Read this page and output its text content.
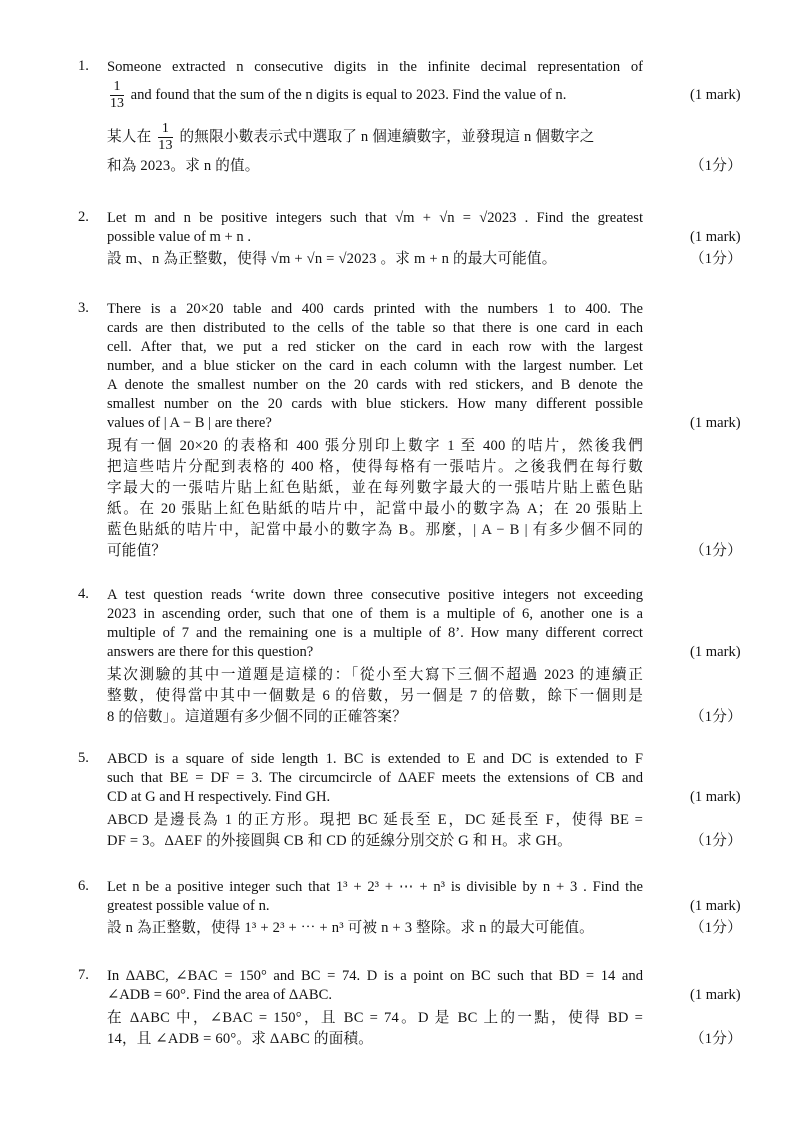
1.	Someone extracted n consecutive digits in the infinite decimal representation of
$\frac{1}{13}$ and found that the sum of the n digits is equal to 2023. Find the value of n.	(1 mark)
某人在 $\frac{1}{13}$ 的無限小數表示式中選取了 n 個連續數字，並發現這 n 個數字之
和為 2023。求 n 的值。	（1分）
2.	Let m and n be positive integers such that √m + √n = √2023 . Find the greatest
possible value of m + n .	(1 mark)
設 m、n 為正整數，使得 √m + √n = √2023 。求 m + n 的最大可能值。	（1分）
3.	There is a 20×20 table and 400 cards printed with the numbers 1 to 400. The
cards are then distributed to the cells of the table so that there is one card in each
cell. After that, we put a red sticker on the card in each row with the largest
number, and a blue sticker on the card in each column with the largest number. Let
A denote the smallest number on the 20 cards with red stickers, and B denote the
smallest number on the 20 cards with blue stickers. How many different possible
values of | A − B | are there?	(1 mark)
現有一個 20×20 的表格和 400 張分別印上數字 1 至 400 的咭片，然後我們
把這些咭片分配到表格的 400 格，使得每格有一張咭片。之後我們在每行數
字最大的一張咭片貼上紅色貼紙，並在每列數字最大的一張咭片貼上藍色貼
紙。在 20 張貼上紅色貼紙的咭片中，記當中最小的數字為 A；在 20 張貼上
藍色貼紙的咭片中，記當中最小的數字為 B。那麼，| A − B | 有多少個不同的
可能值？	（1分）
4.	A test question reads ‘write down three consecutive positive integers not exceeding
2023 in ascending order, such that one of them is a multiple of 6, another one is a
multiple of 7 and the remaining one is a multiple of 8’. How many different correct
answers are there for this question?	(1 mark)
某次測驗的其中一道題是這樣的：「從小至大寫下三個不超過 2023 的連續正
整數，使得當中其中一個數是 6 的倍數，另一個是 7 的倍數，餘下一個則是
8 的倍數」。這道題有多少個不同的正確答案？	（1分）
5.	ABCD is a square of side length 1. BC is extended to E and DC is extended to F
such that BE = DF = 3. The circumcircle of ΔAEF meets the extensions of CB and
CD at G and H respectively. Find GH.	(1 mark)
ABCD 是邊長為 1 的正方形。現把 BC 延長至 E，DC 延長至 F，使得 BE =
DF = 3。ΔAEF 的外接圓與 CB 和 CD 的延線分別交於 G 和 H。求 GH。	（1分）
6.	Let n be a positive integer such that 1³ + 2³ + ⋯ + n³ is divisible by n + 3 . Find the
greatest possible value of n.	(1 mark)
設 n 為正整數，使得 1³ + 2³ + ⋯ + n³ 可被 n + 3 整除。求 n 的最大可能值。	（1分）
7.	In ΔABC, ∠BAC = 150° and BC = 74. D is a point on BC such that BD = 14 and
∠ADB = 60°. Find the area of ΔABC.	(1 mark)
在 ΔABC 中，∠BAC = 150°，且 BC = 74。D 是 BC 上的一點，使得 BD =
14，且 ∠ADB = 60°。求 ΔABC 的面積。	（1分）
